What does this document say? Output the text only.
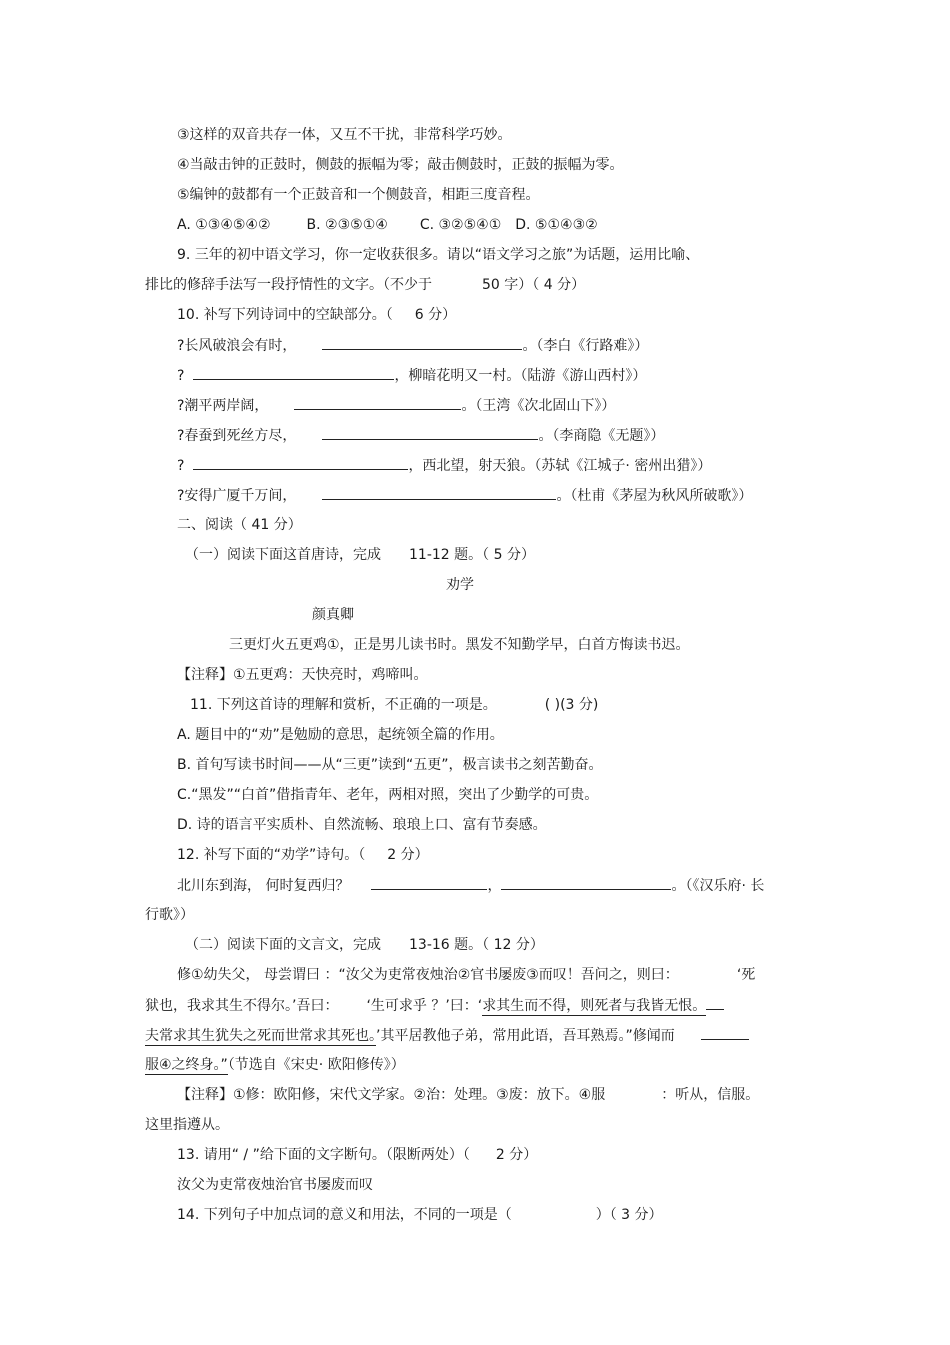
③这样的双音共存一体，又互不干扰，非常科学巧妙。
④当敲击钟的正鼓时，侧鼓的振幅为零；敲击侧鼓时，正鼓的振幅为零。
⑤编钟的鼓都有一个正鼓音和一个侧鼓音，相距三度音程。
A. ①③④⑤④②	B. ②③⑤①④ C. ③②⑤④① D. ⑤①④③②
9. 三年的初中语文学习，你一定收获很多。请以“语文学习之旅”为话题，运用比喻、
排比的修辞手法写一段抒情性的文字。（不少于	50 字）（ 4 分）
10. 补写下列诗词中的空缺部分。（ 6 分）
?长风破浪会有时，	。（李白《行路难》）
?	，柳暗花明又一村。（陆游《游山西村》）
?潮平两岸阔，	。（王湾《次北固山下》）
?春蚕到死丝方尽，	。（李商隐《无题》）
?	，西北望，射天狼。（苏轼《江城子· 密州出猎》）
?安得广厦千万间，	。（杜甫《茅屋为秋风所破歌》）
二、阅读（ 41 分）
（一）阅读下面这首唐诗，完成 11-12 题。（ 5 分）
劝学
颜真卿
三更灯火五更鸡①，正是男儿读书时。黑发不知勤学早，白首方悔读书迟。
【注释】①五更鸡：天快亮时，鸡啼叫。
11. 下列这首诗的理解和赏析，不正确的一项是。	( )(3 分)
A. 题目中的“劝”是勉励的意思，起统领全篇的作用。
B. 首句写读书时间——从“三更”读到“五更”，极言读书之刻苦勤奋。
C.“黑发”“白首”借指青年、老年，两相对照，突出了少勤学的可贵。
D. 诗的语言平实质朴、自然流畅、琅琅上口、富有节奏感。
12. 补写下面的“劝学”诗句。（ 2 分）
北川东到海， 何时复西归？	，	。（《汉乐府· 长
行歌》）
（二）阅读下面的文言文，完成 13-16 题。（ 12 分）
修①幼失父， 母尝谓曰 ：“汝父为吏常夜烛治②官书屡废③而叹！吾问之，则曰：	‘死
狱也，我求其生不得尔。’吾曰： ‘生可求乎 ？’曰：‘求其生而不得，则死者与我皆无恨。
夫常求其生犹失之死而世常求其死也。’其平居教他子弟，常用此语，吾耳熟焉。”修闻而
服④之终身。”（节选自《宋史· 欧阳修传》）
【注释】①修：欧阳修，宋代文学家。②治：处理。③废：放下。④服	：听从，信服。
这里指遵从。
13. 请用“ / ”给下面的文字断句。（限断两处）（ 2 分）
汝父为吏常夜烛治官书屡废而叹
14. 下列句子中加点词的意义和用法，不同的一项是（	）（ 3 分）
